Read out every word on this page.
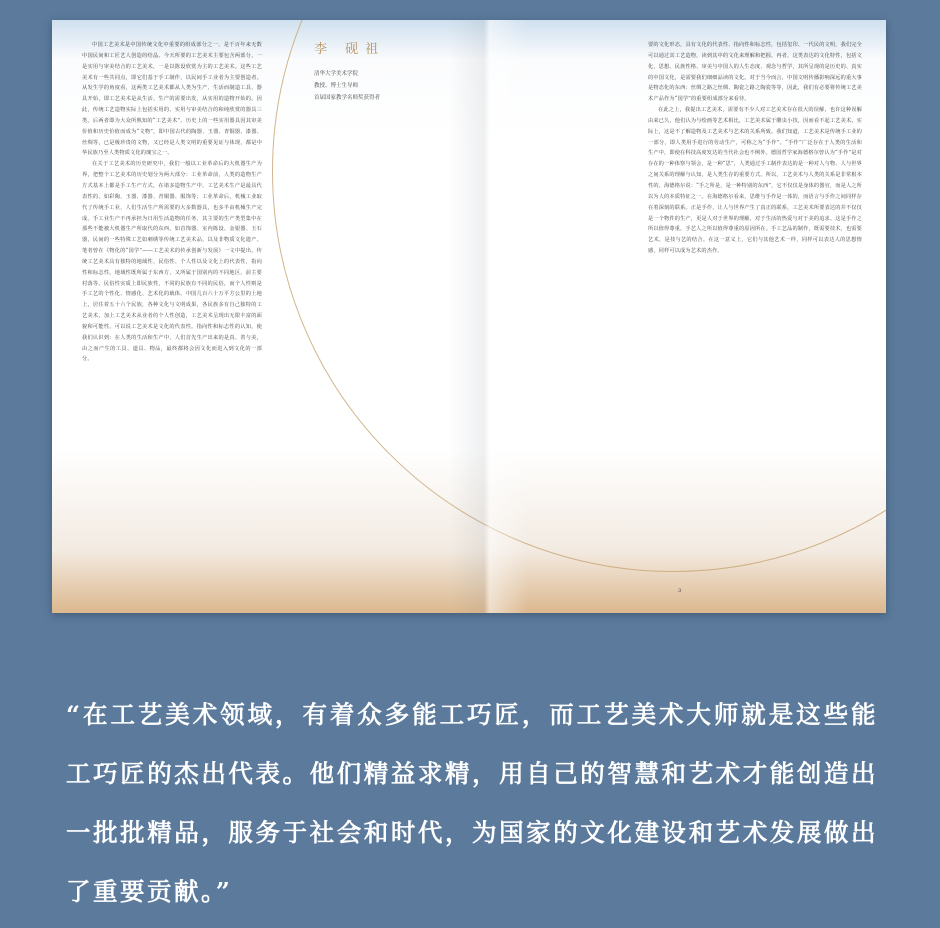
中国工艺美术是中国传统文化中重要的组成部分之一，是千百年来无数中国民间和工匠艺人创造的结晶。今天所要的工艺美术主要包含两部分，一是实用与审美结合的工艺美术，一是以陈设欣赏为主的工艺美术。这些工艺美术有一些共同点，即它们基于手工制作，以民间手工业者为主要创造者。从发生学的角度看，这两类工艺美术都从人类为生产、生活而制造工具、器具开始，即工艺美术是从生活、生产的需要出发，从实用的造物开始的。因此，传统工艺造物实际上包括实用的、实用与审美结合的和纯欣赏的器具三类。后两者即为大众所熟知的“工艺美术”。历史上的一些实用器具因其审美价值和历史价值而成为“文物”，即中国古代的陶器、玉器、青铜器、漆器、丝绸等，已是极珍贵的文物，又已经是人类文明的重要见证与体现，都是中华民族乃至人类物质文化的瑰宝之一。

在关于工艺美术的历史研究中，我们一般以工业革命后的大机器生产为界，把整个工艺美术的历史划分为两大部分：工业革命前，人类的造物生产方式基本上都是手工生产方式，在诸多造物生产中，工艺美术生产是最具代表性的，如彩陶、玉器、漆器、青铜器、服饰等；工业革命后，机械工业取代了传统手工业，人们生活生产所需要的大多数器具，也多半由机械生产完成。手工业生产不再承担为日用生活造物的任务，其主要的生产类型集中在那些不能被大机器生产所取代的东西，如首饰器、室内陈设、金银器、玉石器，民间的一些特殊工艺如刺绣等传统工艺美术品，以及非物质文化遗产。笔者曾在《物化的“国学”——工艺美术的传承创新与发展》一文中提出，传统工艺美术具有独特的地域性、民俗性、个人性以及文化上的代表性，指向性和标志性。地域性既所属于东西方，又所属于国别内的不同地区，前主要村落等。民俗性实质上即民族性，不同的民族有不同的民俗，而个人性则是手工艺的个性化、情感化、艺术化的载体。中国几百六十万平方公里的土地上，居住着五十六个民族，各种文化与文明成果，各民族多有自己独特的工艺美术，加上工艺美术从业者的个人性创造，工艺美术呈现出无限丰富的面貌和可能性。可以说工艺美术是文化的代表性。指向性和标志性的认知，使我们认识到：在人类的生活和生产中，人们首先生产出来的是真、善与美，由之而产生的工具、道具、物品，最终都将会因文化而进入到文化的一部分。

李 砚祖
清华大学美术学院
教授、博士生导师
首届国家教学名师奖获得者

要的文化形态，具有文化的代表性、指向性和标志性，包括玺印、一代民的文明，我们完全可以通过其工艺造物，读到其中的文化来理解和把握。再者，这类表达的文化特性，包括文化、思想、民族性格、审美与中国人的人生态度、观念与哲学，其所呈现的是历史的、真实的中国文化，是需要我们细细品读的文化。对于当今而言，中国文明传播影响深远的重大事是物态化的东西：丝绸之路之丝绸、陶瓷之路之陶瓷等等，因此，我们有必要将传统工艺美术产品作为“国学”的重要组成部分来看待。

在此之上，我提出工艺美术，需要有不少人对工艺美术存在很大的误解，也许这种误解由来已久，他们认为与绘画等艺术相比，工艺美术属于雕虫小技，因而看不起工艺美术。实际上，这是不了解造物及工艺美术与艺术的关系所致。我们知道，工艺美术是传统手工业的一部分，即人类用手进行的劳动生产，可称之为“手作”。“手作”广泛存在于人类的生活和生产中，即使在科技高度发达的当代社会也不例外。德国哲学家海德格尔曾认为“手作”是对存在的一种体察与领会，是一种“思”，人类通过手工制作表达的是一种对人与物、人与世界之间关系的理解与认知，是人类生存的重要方式。所以，工艺美术与人类的关系是非常根本性的。海德格尔说：“手之所是，是一种特别的东西”，它不仅仅是身体的器官，而是人之所以为人的本质特征之一。在海德格尔看来，思维与手作是一体的，而语言与手作之间同样存在着深刻的联系。正是手作，让人与世界产生了真正的联系，工艺美术所要表达的并不仅仅是一个物件的生产，更是人对于世界的理解，对于生活的热爱与对于美的追求。这是手作之所以值得尊重，手艺人之所以值得尊重的原因所在。手工艺品的制作，既需要技术，也需要艺术，是技与艺的结合。在这一意义上，它们与其他艺术一样，同样可以表达人的思想情感，同样可以成为艺术的杰作。

3
“在工艺美术领域，有着众多能工巧匠，而工艺美术大师就是这些能工巧匠的杰出代表。他们精益求精，用自己的智慧和艺术才能创造出一批批精品，服务于社会和时代，为国家的文化建设和艺术发展做出了重要贡献。”
